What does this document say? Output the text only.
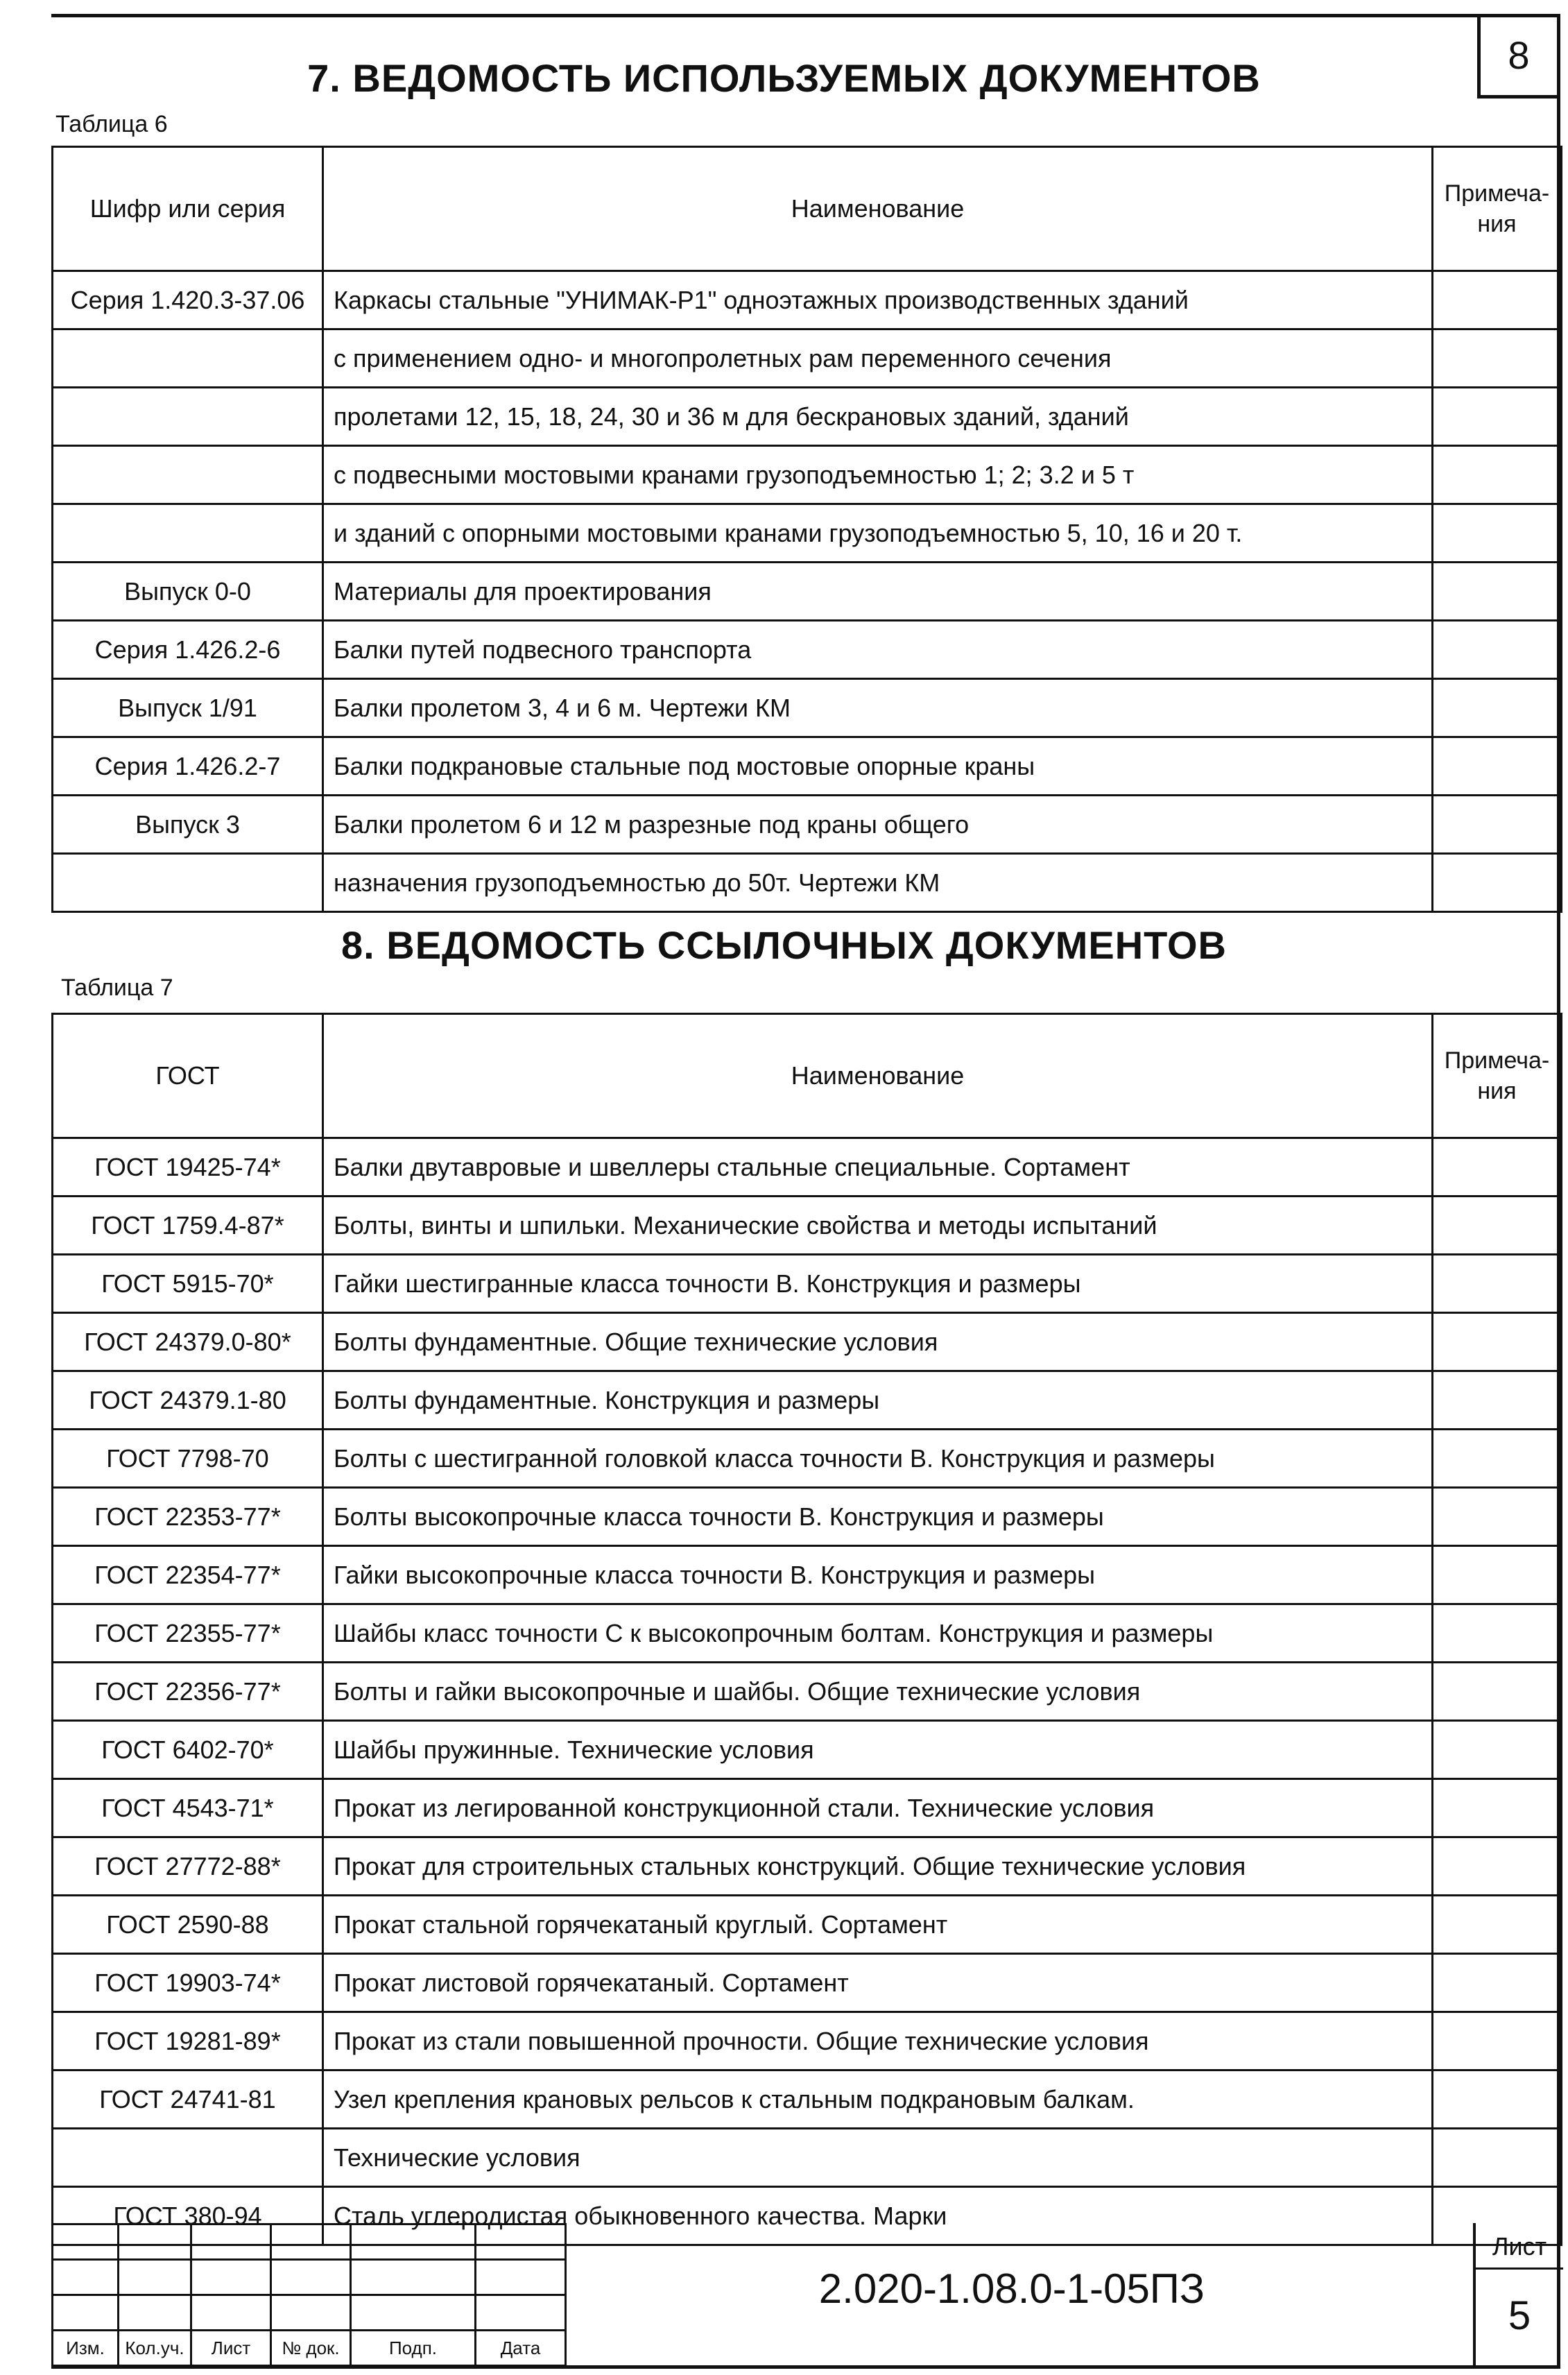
8
7. ВЕДОМОСТЬ ИСПОЛЬЗУЕМЫХ ДОКУМЕНТОВ
Таблица 6
Шифр или серия	Наименование	Примеча-ния
Серия 1.420.3-37.06	Каркасы стальные "УНИМАК-Р1" одноэтажных производственных зданий	
	с применением одно- и многопролетных рам переменного сечения	
	пролетами 12, 15, 18, 24, 30 и 36 м для бескрановых зданий, зданий	
	с подвесными мостовыми кранами грузоподъемностью 1; 2; 3.2 и 5 т	
	и зданий с опорными мостовыми кранами грузоподъемностью 5, 10, 16 и 20 т.	
Выпуск 0-0	Материалы для проектирования	
Серия 1.426.2-6	Балки путей подвесного транспорта	
Выпуск 1/91	Балки пролетом 3, 4 и 6 м. Чертежи КМ	
Серия 1.426.2-7	Балки подкрановые стальные под мостовые опорные краны	
Выпуск 3	Балки пролетом 6 и 12 м разрезные под краны общего	
	назначения грузоподъемностью до 50т. Чертежи КМ	
8. ВЕДОМОСТЬ ССЫЛОЧНЫХ ДОКУМЕНТОВ
Таблица 7
ГОСТ	Наименование	Примеча-ния
ГОСТ 19425-74*	Балки двутавровые и швеллеры стальные специальные. Сортамент	
ГОСТ 1759.4-87*	Болты, винты и шпильки. Механические свойства и методы испытаний	
ГОСТ 5915-70*	Гайки шестигранные класса точности В. Конструкция и размеры	
ГОСТ 24379.0-80*	Болты фундаментные. Общие технические условия	
ГОСТ 24379.1-80	Болты фундаментные. Конструкция и размеры	
ГОСТ 7798-70	Болты с шестигранной головкой класса точности В. Конструкция и размеры	
ГОСТ 22353-77*	Болты высокопрочные класса точности В. Конструкция и размеры	
ГОСТ 22354-77*	Гайки высокопрочные класса точности В. Конструкция и размеры	
ГОСТ 22355-77*	Шайбы класс точности С к высокопрочным болтам. Конструкция и размеры	
ГОСТ 22356-77*	Болты и гайки высокопрочные и шайбы. Общие технические условия	
ГОСТ 6402-70*	Шайбы пружинные. Технические условия	
ГОСТ 4543-71*	Прокат из легированной конструкционной стали. Технические условия	
ГОСТ 27772-88*	Прокат для строительных стальных конструкций. Общие технические условия	
ГОСТ 2590-88	Прокат стальной горячекатаный круглый. Сортамент	
ГОСТ 19903-74*	Прокат листовой горячекатаный. Сортамент	
ГОСТ 19281-89*	Прокат из стали повышенной прочности. Общие технические условия	
ГОСТ 24741-81	Узел крепления крановых рельсов к стальным подкрановым балкам.	
	Технические условия	
ГОСТ 380-94	Сталь углеродистая обыкновенного качества. Марки	

Изм.	Кол.уч.	Лист	№ док.	Подп.	Дата
2.020-1.08.0-1-05ПЗ
Лист
5
